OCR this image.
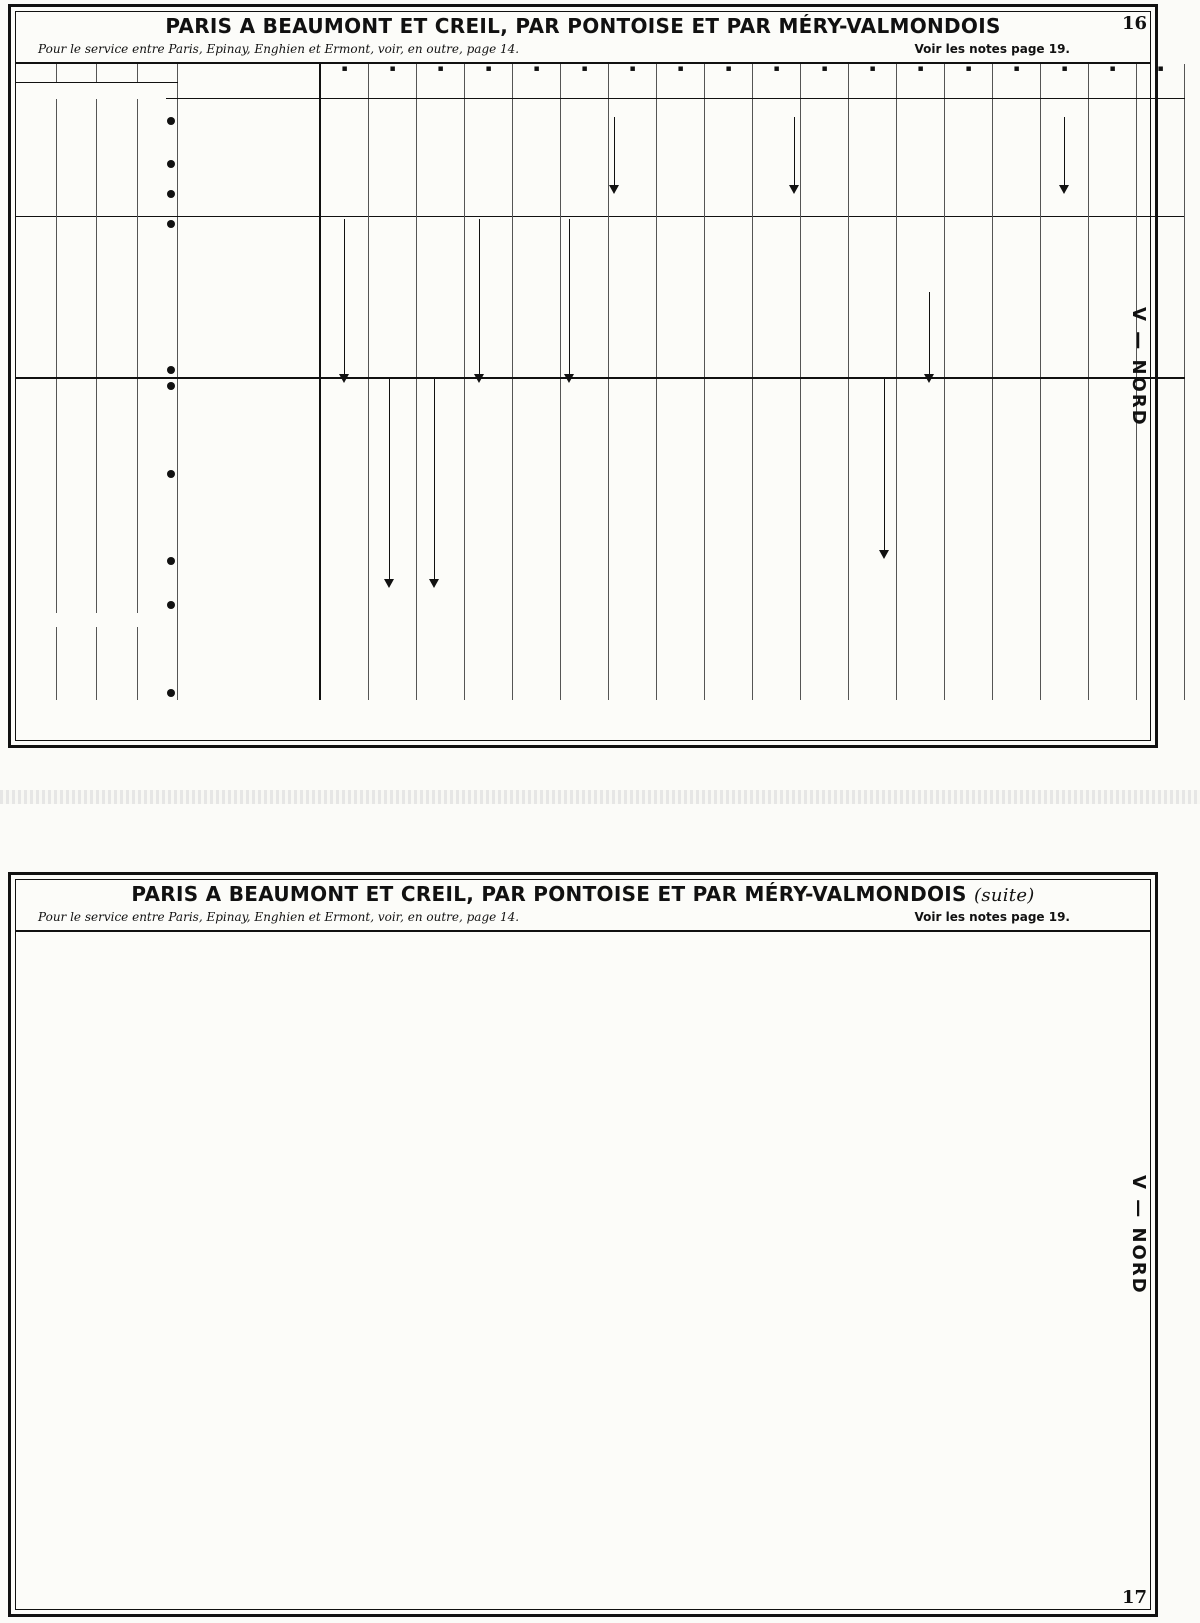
PARIS A BEAUMONT ET CREIL, PAR PONTOISE ET PAR MÉRY-VALMONDOIS
Pour le service entre Paris, Epinay, Enghien et Ermont, voir, en outre, page 14.	Voir les notes page 19.

▪	▪	▪	▪	▪	▪	▪	▪	▪	▪	▪	▪	▪	▪	▪	▪	▪	▪

16
V — NORD
PARIS A BEAUMONT ET CREIL, PAR PONTOISE ET PAR MÉRY-VALMONDOIS (suite)
Pour le service entre Paris, Epinay, Enghien et Ermont, voir, en outre, page 14.	Voir les notes page 19.
17
V — NORD
